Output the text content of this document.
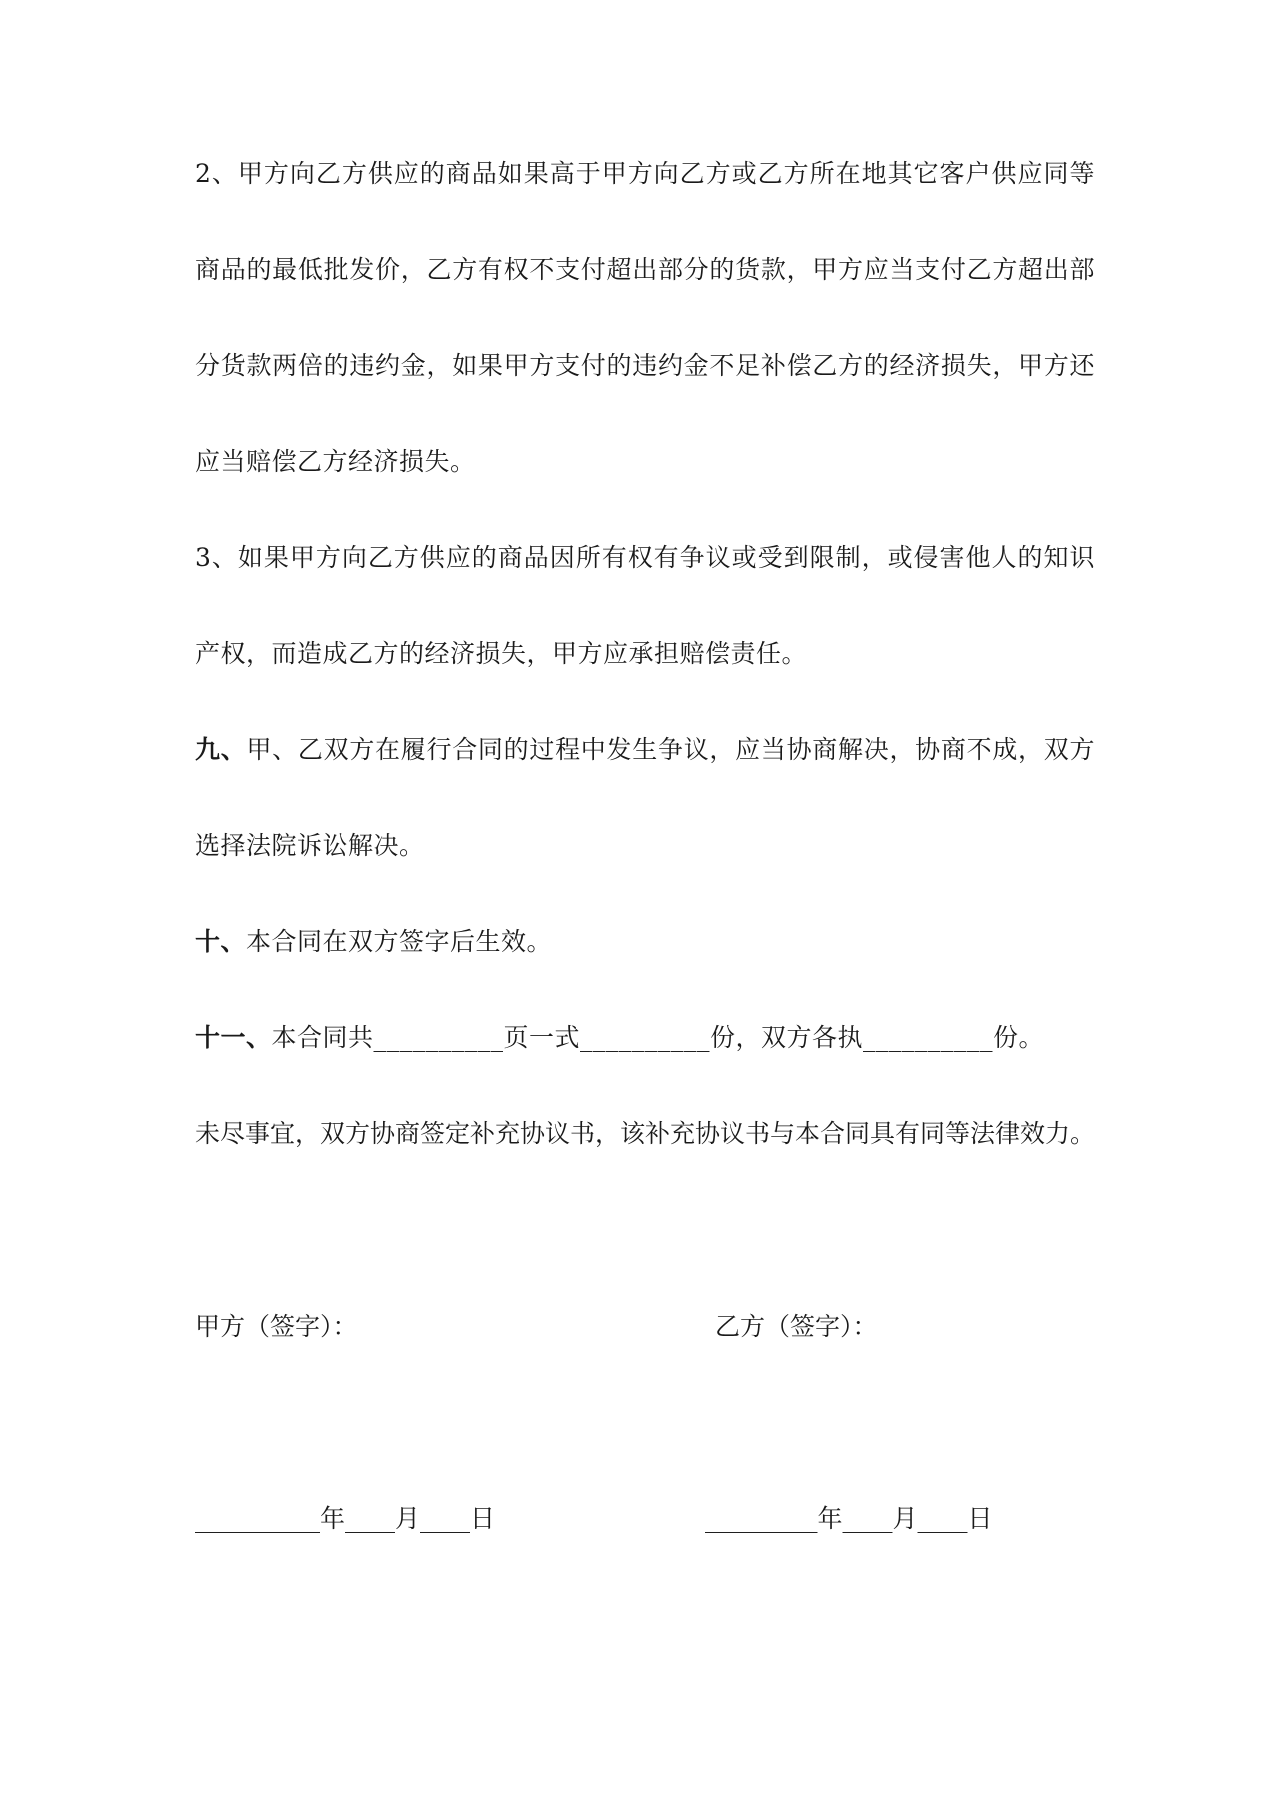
2、甲方向乙方供应的商品如果高于甲方向乙方或乙方所在地其它客户供应同等
商品的最低批发价，乙方有权不支付超出部分的货款，甲方应当支付乙方超出部
分货款两倍的违约金，如果甲方支付的违约金不足补偿乙方的经济损失，甲方还
应当赔偿乙方经济损失。
3、如果甲方向乙方供应的商品因所有权有争议或受到限制，或侵害他人的知识
产权，而造成乙方的经济损失，甲方应承担赔偿责任。
九、甲、乙双方在履行合同的过程中发生争议，应当协商解决，协商不成，双方
选择法院诉讼解决。
十、本合同在双方签字后生效。
十一、本合同共__________页一式__________份，双方各执__________份。
未尽事宜，双方协商签定补充协议书，该补充协议书与本合同具有同等法律效力。
甲方（签字）：	乙方（签字）：
__________年____月____日	_________年____月____日
